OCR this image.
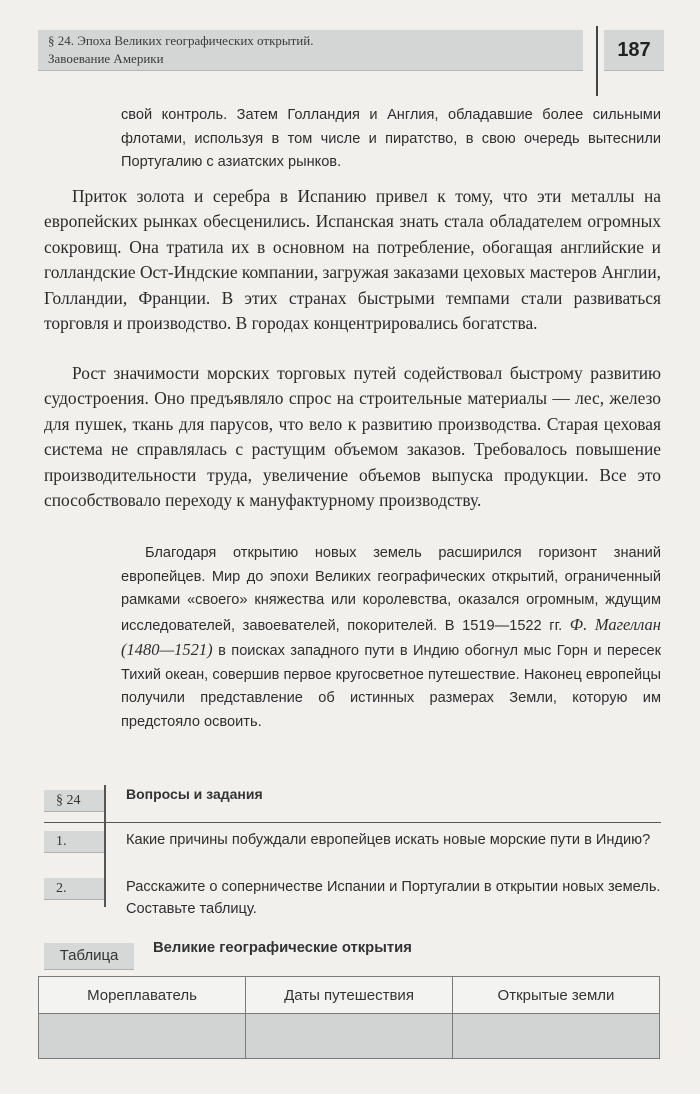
§ 24. Эпоха Великих географических открытий.
Завоевание Америки	187
свой контроль. Затем Голландия и Англия, обладавшие более сильными флотами, используя в том числе и пиратство, в свою очередь вытеснили Португалию с азиатских рынков.

Приток золота и серебра в Испанию привел к тому, что эти металлы на европейских рынках обесценились. Испанская знать стала обладателем огромных сокровищ. Она тратила их в основном на потребление, обогащая английские и голландские Ост-Индские компании, загружая заказами цеховых мастеров Англии, Голландии, Франции. В этих странах быстрыми темпами стали развиваться торговля и производство. В городах концентрировались богатства.

Рост значимости морских торговых путей содействовал быстрому развитию судостроения. Оно предъявляло спрос на строительные материалы — лес, железо для пушек, ткань для парусов, что вело к развитию производства. Старая цеховая система не справлялась с растущим объемом заказов. Требовалось повышение производительности труда, увеличение объемов выпуска продукции. Все это способствовало переходу к мануфактурному производству.

Благодаря открытию новых земель расширился горизонт знаний европейцев. Мир до эпохи Великих географических открытий, ограниченный рамками «своего» княжества или королевства, оказался огромным, ждущим исследователей, завоевателей, покорителей. В 1519—1522 гг. Ф. Магеллан (1480—1521) в поисках западного пути в Индию обогнул мыс Горн и пересек Тихий океан, совершив первое кругосветное путешествие. Наконец европейцы получили представление об истинных размерах Земли, которую им предстояло освоить.
§ 24	Вопросы и задания
1.	Какие причины побуждали европейцев искать новые морские пути в Индию?
2.	Расскажите о соперничестве Испании и Португалии в открытии новых земель. Составьте таблицу.
Таблица	Великие географические открытия
Мореплаватель	Даты путешествия	Открытые земли
